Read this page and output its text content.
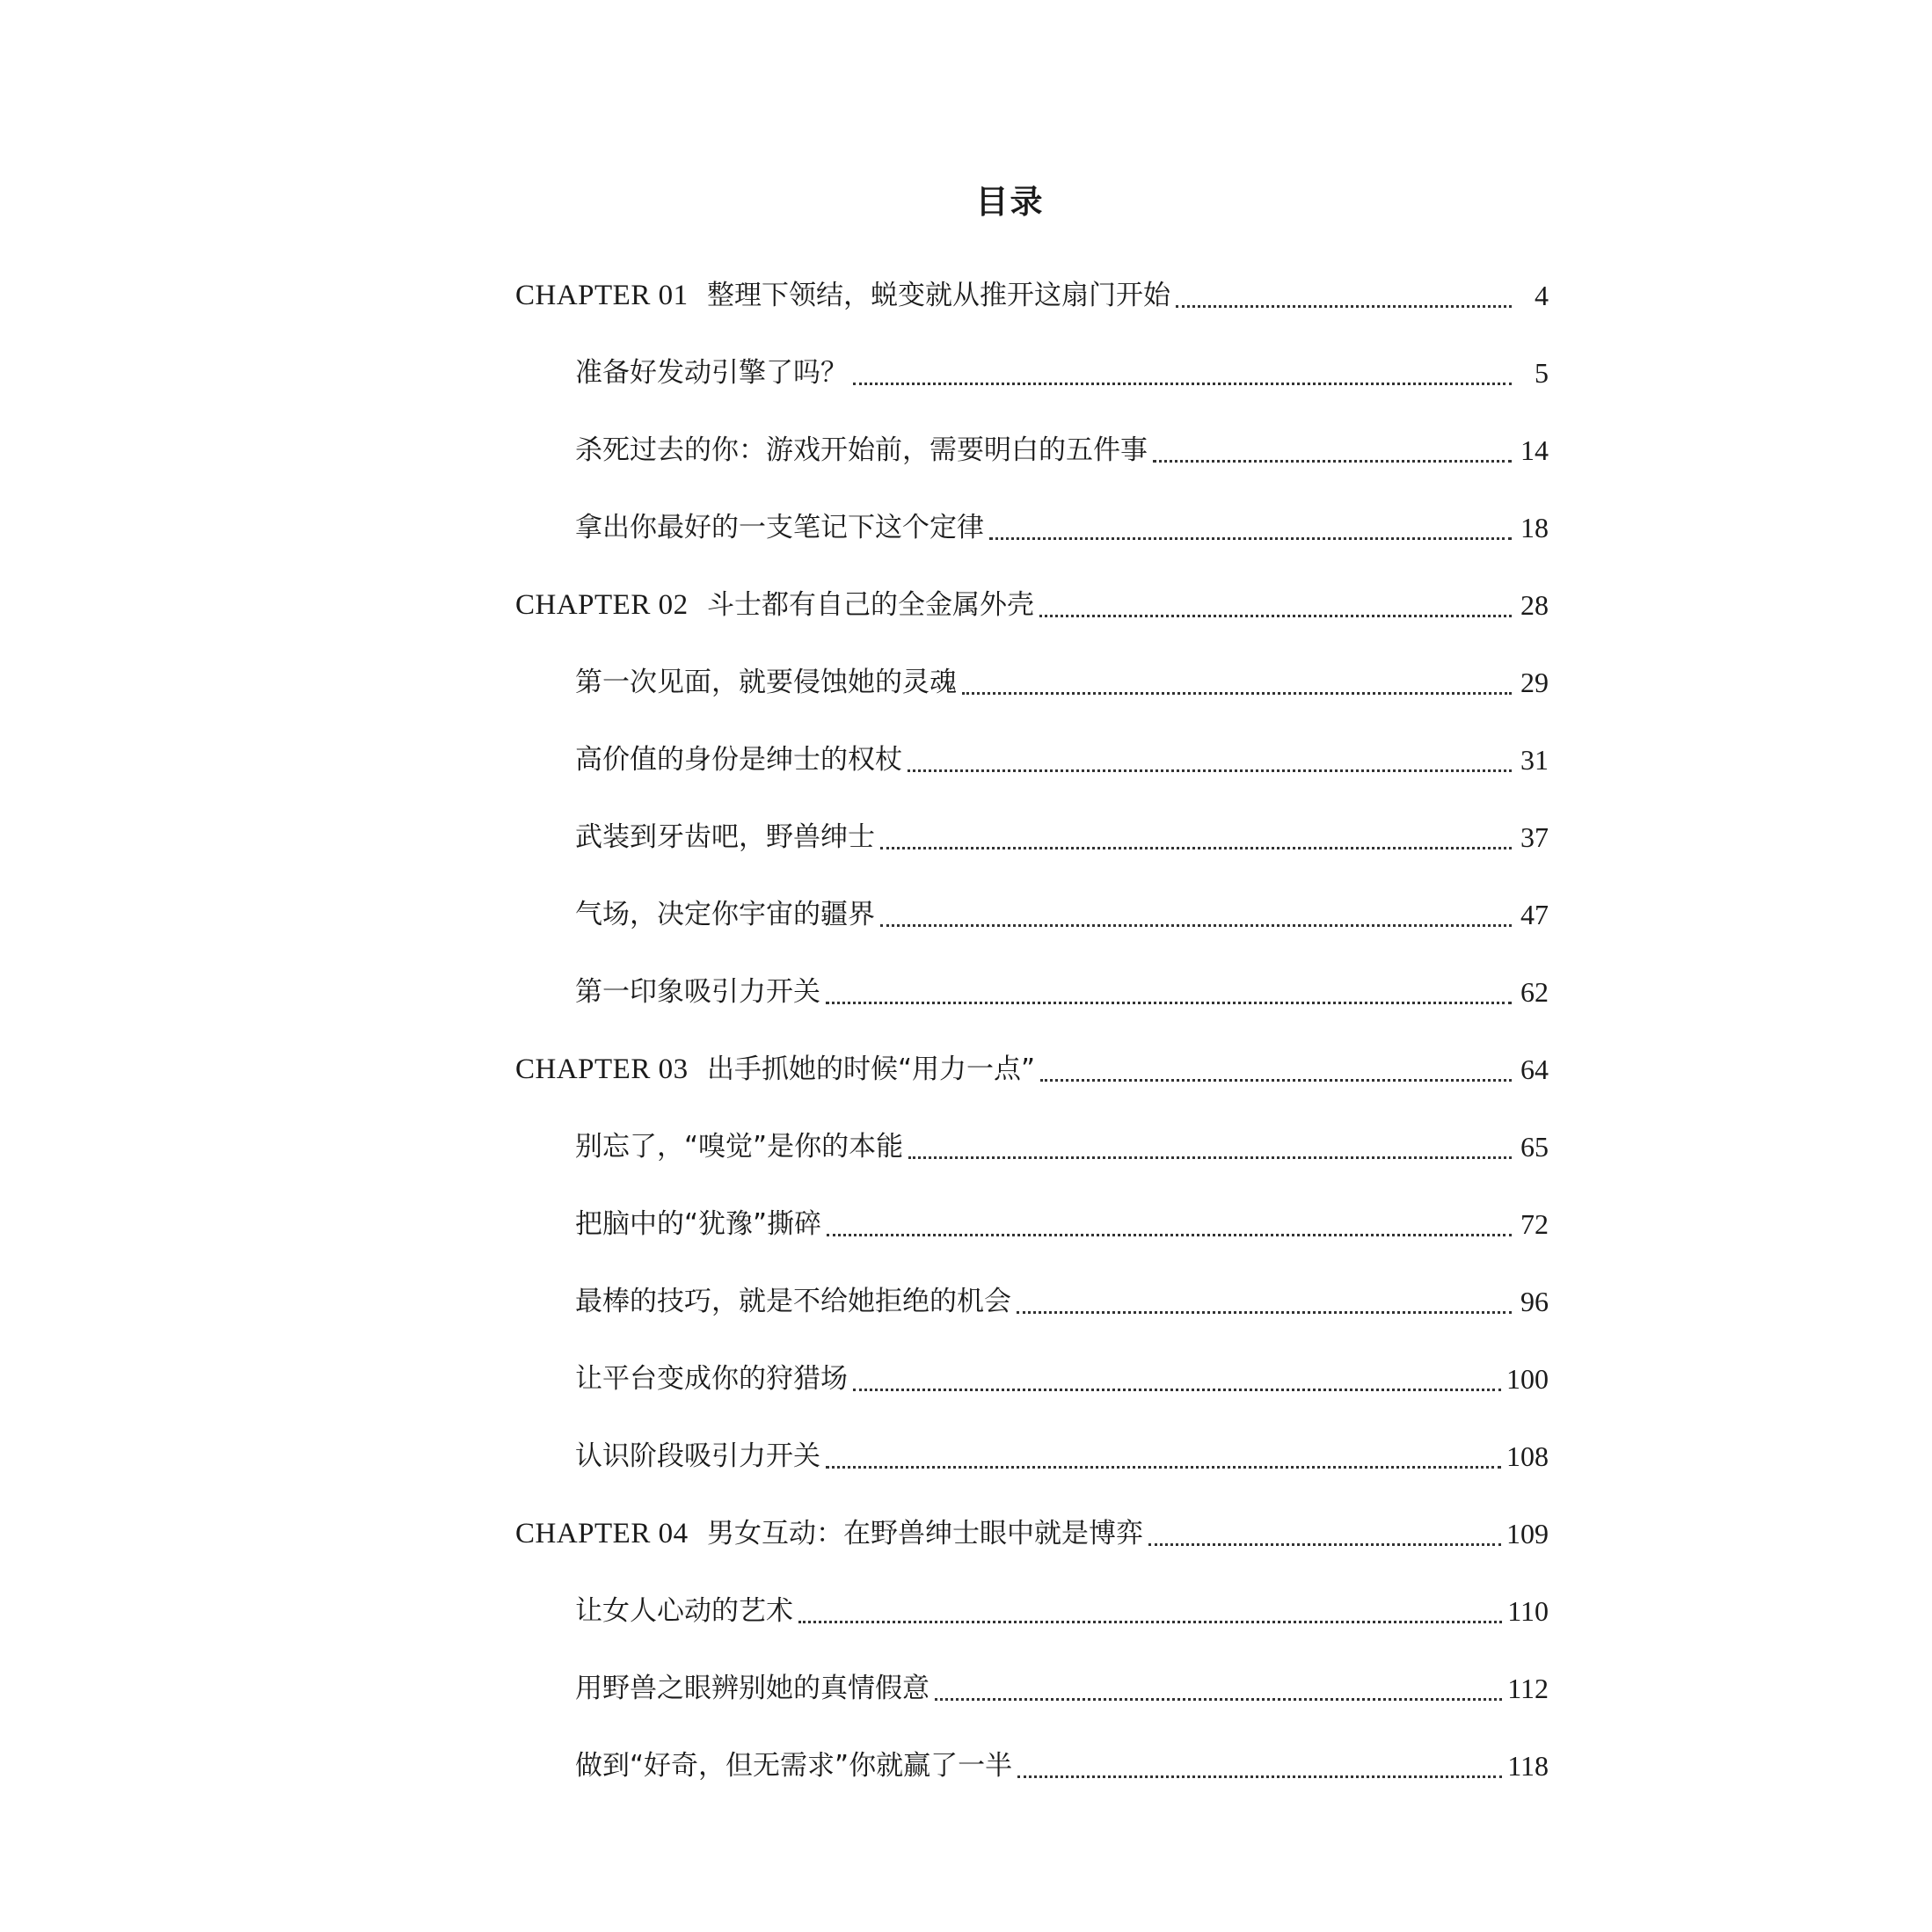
目录
CHAPTER 01 整理下领结，蜕变就从推开这扇门开始	4
准备好发动引擎了吗？	5
杀死过去的你：游戏开始前，需要明白的五件事	14
拿出你最好的一支笔记下这个定律	18
CHAPTER 02 斗士都有自己的全金属外壳	28
第一次见面，就要侵蚀她的灵魂	29
高价值的身份是绅士的权杖	31
武装到牙齿吧，野兽绅士	37
气场，决定你宇宙的疆界	47
第一印象吸引力开关	62
CHAPTER 03 出手抓她的时候“用力一点”	64
别忘了，“嗅觉”是你的本能	65
把脑中的“犹豫”撕碎	72
最棒的技巧，就是不给她拒绝的机会	96
让平台变成你的狩猎场	100
认识阶段吸引力开关	108
CHAPTER 04 男女互动：在野兽绅士眼中就是博弈	109
让女人心动的艺术	110
用野兽之眼辨别她的真情假意	112
做到“好奇，但无需求”你就赢了一半	118
